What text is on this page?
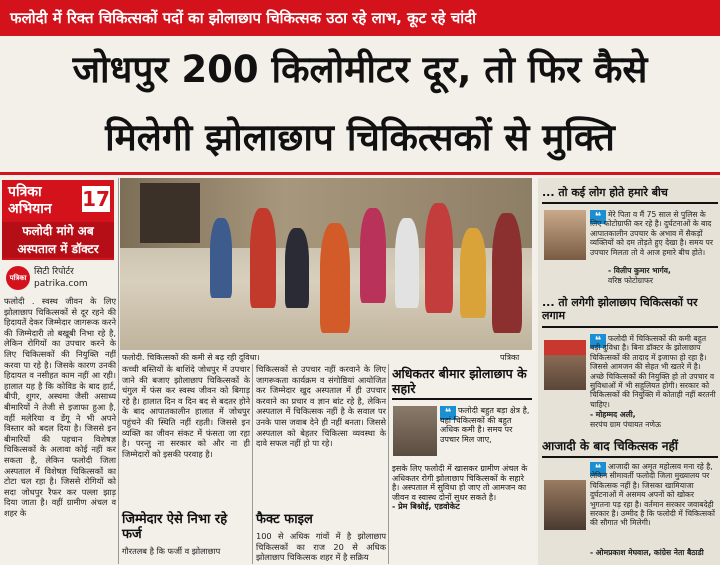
फलोदी में रिक्त चिकित्सकों पदों का झोलाछाप चिकित्सक उठा रहे लाभ, कूट रहे चांदी
जोधपुर 200 किलोमीटर दूर, तो फिर कैसे
मिलेगी झोलाछाप चिकित्सकों से मुक्ति
पत्रिका
अभियान 17
फलोदी मांगे अब
अस्पताल में डॉक्टर
पत्रिका
सिटी रिपोर्टर
patrika.com
फलोदी . स्वस्थ जीवन के लिए झोलाछाप चिकित्सकों से दूर रहने की हिदायतें देकर जिम्मेदार जागरूक करने की जिम्मेदारी तो बखूबी निभा रहे है, लेकिन रोगियों का उपचार करने के लिए चिकित्सकों की नियुक्ति नहीं करवा पा रहे है। जिसके कारण उनकी हिदायत व नसीहत काम नहीं आ रही। हालात यह है कि कोविड के बाद हार्ट, बीपी, शुगर, अस्थमा जैसी असाध्य बीमारियों ने तेजी से इजाफा हुआ है, वहीं मलेरिया व डेंगू ने भी अपने विस्तार को बदल दिया है। जिससे इन बीमारियों की पहचान विशेषज्ञ चिकित्सकों के अलावा कोई नहीं कर सकता है, लेकिन फलोदी जिला अस्पताल में विशेषज्ञ चिकित्सकों का टोटा चल रहा है। जिससे रोगियों को सदा जोधपुर रैफर कर पल्ला झाड़ दिया जाता है। वहीं ग्रामीण अंचल व शहर के
फलोदी. चिकित्सकों की कमी से बढ़ रही दुविधा।	पत्रिका
कच्ची बस्तियों के बाशिंदे जोधपुर में उपचार जाने की बजाए झोलाछाप चिकित्सकों के चंगुल में फंस कर स्वस्थ जीवन को बिगाड़ रहे है। हालात दिन व दिन बद से बदतर होने के बाद आपातकालीन हालात में जोधपुर पहुंचने की स्थिति नहीं रहती। जिससे इन व्यक्ति का जीवन संकट में फंसता जा रहा है। परन्तु ना सरकार को और ना ही जिम्मेदारों को इसकी परवाह है।
जिम्मेदार ऐसे निभा रहे फर्ज
गौरतलब है कि फर्जी व झोलाछाप
चिकित्सकों से उपचार नहीं करवाने के लिए जागरूकता कार्यक्रम व संगोष्ठियां आयोजित कर जिम्मेदार खुद अस्पताल में ही उपचार करवाने का प्रचार व ज्ञान बांट रहे है, लेकिन अस्पताल में चिकित्सक नहीं है के सवाल पर उनके पास जवाब देने ही नहीं बनता। जिससे अस्पताल को बेहतर चिकित्सा व्यवस्था के दावे सफल नहीं हो पा रहे।
फैक्ट फाइल
100 से अधिक गांवों में है झोलाछाप चिकित्सकों का राज 20 से अधिक झोलाछाप चिकित्सक शहर में है सक्रिय
अधिकतर बीमार झोलाछाप के सहारे
❝ फलोदी बहुत बड़ा क्षेत्र है, यहां चिकित्सकों की बहुत अधिक कमी है। समय पर उपचार मिल जाए,
इसके लिए फलोदी में खासकर ग्रामीण अंचल के अधिकतर रोगी झोलाछाप चिकित्सकों के सहारे है। अस्पताल में सुविधा हो जाए तो आमजन का जीवन व स्वास्थ दोनों सुधर सकते है।
- प्रेम बिश्नोई, एडवोकेट
... तो कई लोग होते हमारे बीच
❝ मेरे पिता व मैं 75 साल से पुलिस के लिए फोटोग्राफी कर रहे है। दुर्घटनाओं के बाद आपातकालीन उपचार के अभाव में सैकड़ों व्यक्तियों को दम तोड़ते हुए देखा है। समय पर उपचार मिलता तो वे आज हमारे बीच होते।
- विलीप कुमार भार्गव,
वरिष्ठ फोटोग्राफर
... तो लगेगी झोलाछाप चिकित्सकों पर लगाम
❝ फलोदी में चिकित्सकों की कमी बहुत बड़ी दुविधा है। बिना डॉक्टर के झोलाछाप चिकित्सकों की तादाद में इजाफा हो रहा है। जिससे आमजन की सेहत भी खतरे में है। अच्छे चिकित्सकों की नियुक्ति हो तो उपचार व सुविधाओं में भी सहुलियत होगी। सरकार को चिकित्सकों की नियुक्ति में कोताही नहीं बरतनी चाहिए।
- मोहम्मद अली,
सरपंच ग्राम पंचायत नणेऊ
आजादी के बाद चिकित्सक नहीं
❝ आजादी का अमृत महोत्सव मना रहे है, लेकिन सीमावर्ती फलोदी जिला मुख्यालय पर चिकित्सक नहीं है। जिसका खामियाजा दुर्घटनाओं में असमय अपनों को खोकर भुगतना पड़ रहा है। वर्तमान सरकार जवाबदेही सरकार है। उम्मीद है कि फलोदी में चिकित्सकों की सौगात भी मिलेगी।
- ओमप्रकाश मेघवाल, कांग्रेस नेता बैठाडी
